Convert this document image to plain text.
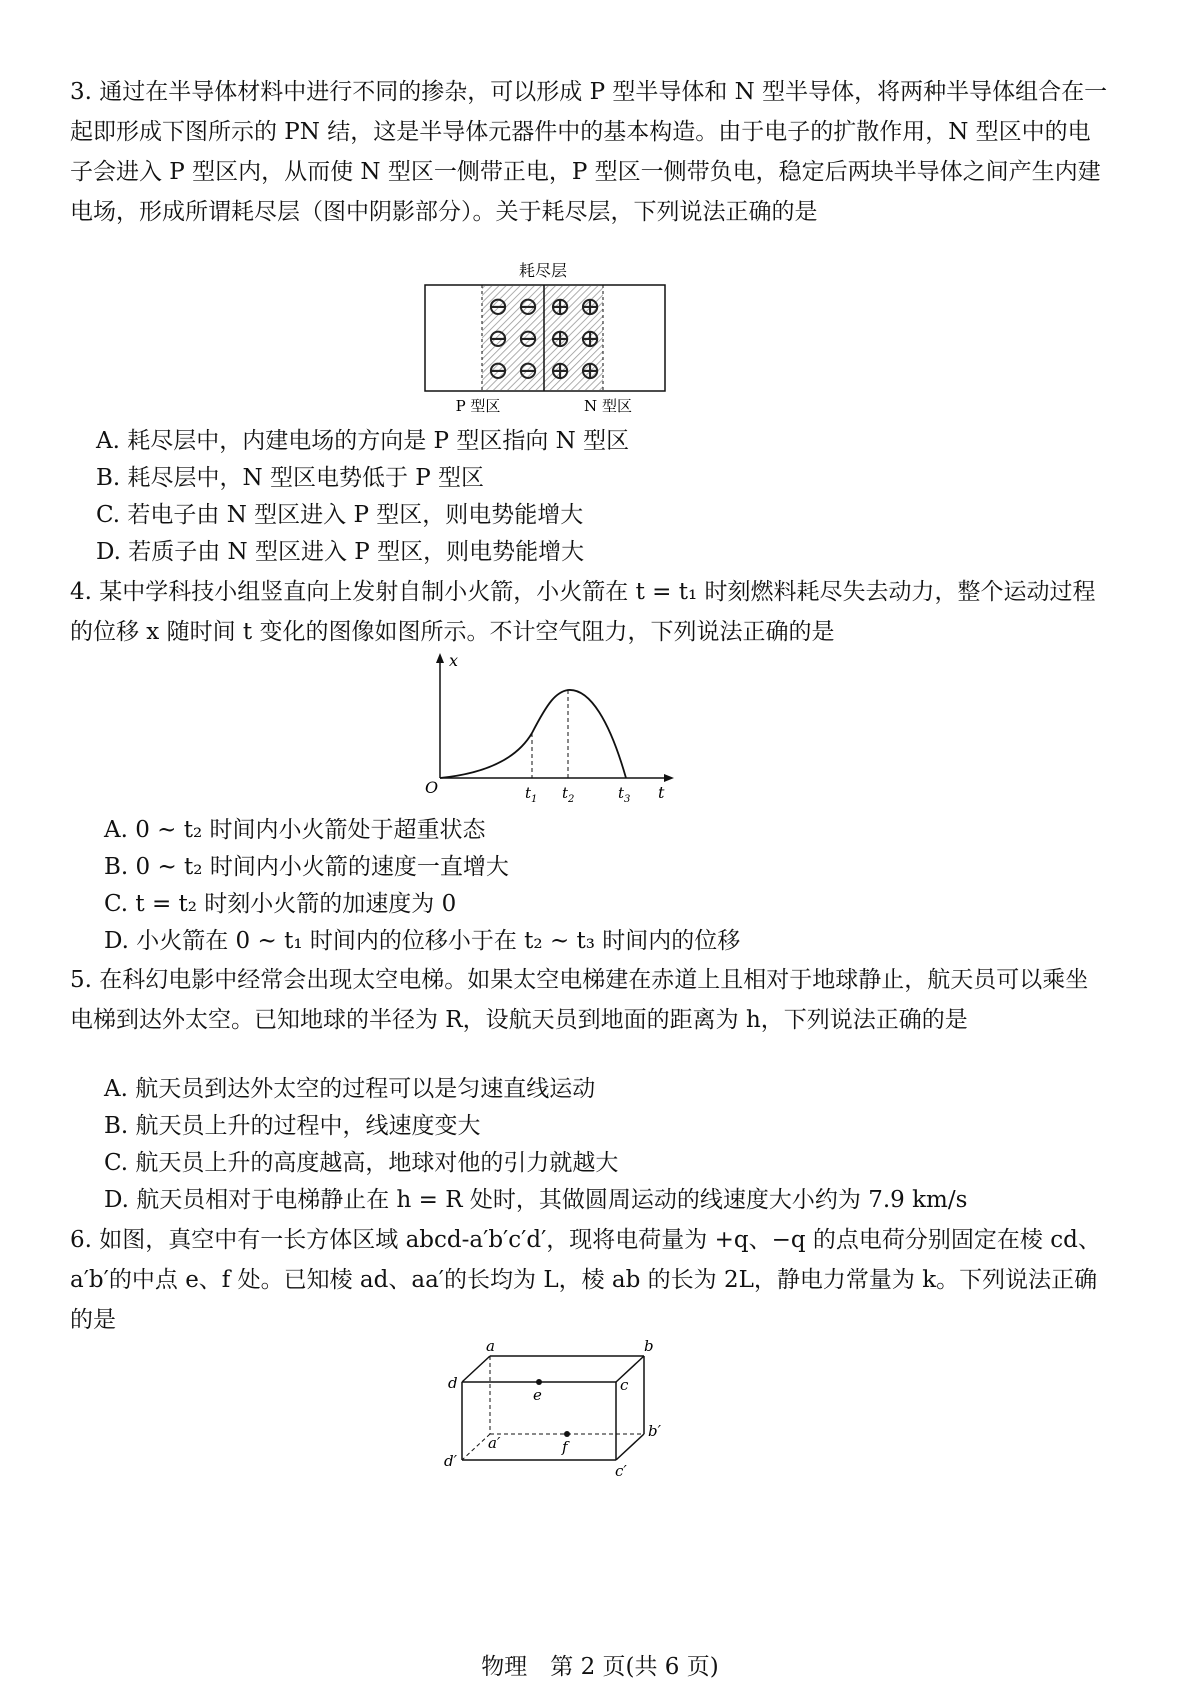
3. 通过在半导体材料中进行不同的掺杂，可以形成 P 型半导体和 N 型半导体，将两种半导体组合在一起即形成下图所示的 PN 结，这是半导体元器件中的基本构造。由于电子的扩散作用，N 型区中的电子会进入 P 型区内，从而使 N 型区一侧带正电，P 型区一侧带负电，稳定后两块半导体之间产生内建电场，形成所谓耗尽层（图中阴影部分）。关于耗尽层，下列说法正确的是

耗尽层
⊖ ⊖ ⊕ ⊕
⊖ ⊖ ⊕ ⊕
⊖ ⊖ ⊕ ⊕
P 型区	N 型区
A. 耗尽层中，内建电场的方向是 P 型区指向 N 型区
B. 耗尽层中，N 型区电势低于 P 型区
C. 若电子由 N 型区进入 P 型区，则电势能增大
D. 若质子由 N 型区进入 P 型区，则电势能增大

4. 某中学科技小组竖直向上发射自制小火箭，小火箭在 t = t₁ 时刻燃料耗尽失去动力，整个运动过程的位移 x 随时间 t 变化的图像如图所示。不计空气阻力，下列说法正确的是

x
t
O	$t_1$ $t_2$	$t_3$
A. 0 ~ t₂ 时间内小火箭处于超重状态
B. 0 ~ t₂ 时间内小火箭的速度一直增大
C. t = t₂ 时刻小火箭的加速度为 0
D. 小火箭在 0 ~ t₁ 时间内的位移小于在 t₂ ~ t₃ 时间内的位移

5. 在科幻电影中经常会出现太空电梯。如果太空电梯建在赤道上且相对于地球静止，航天员可以乘坐电梯到达外太空。已知地球的半径为 R，设航天员到地面的距离为 h，下列说法正确的是

A. 航天员到达外太空的过程可以是匀速直线运动
B. 航天员上升的过程中，线速度变大
C. 航天员上升的高度越高，地球对他的引力就越大
D. 航天员相对于电梯静止在 h = R 处时，其做圆周运动的线速度大小约为 7.9 km/s

6. 如图，真空中有一长方体区域 abcd-a′b′c′d′，现将电荷量为 +q、−q 的点电荷分别固定在棱 cd、a′b′的中点 e、f 处。已知棱 ad、aa′的长均为 L，棱 ab 的长为 2L，静电力常量为 k。下列说法正确的是

a	b
c
d
a′
b′
c′
d′
e
f
物理　第 2 页(共 6 页)
